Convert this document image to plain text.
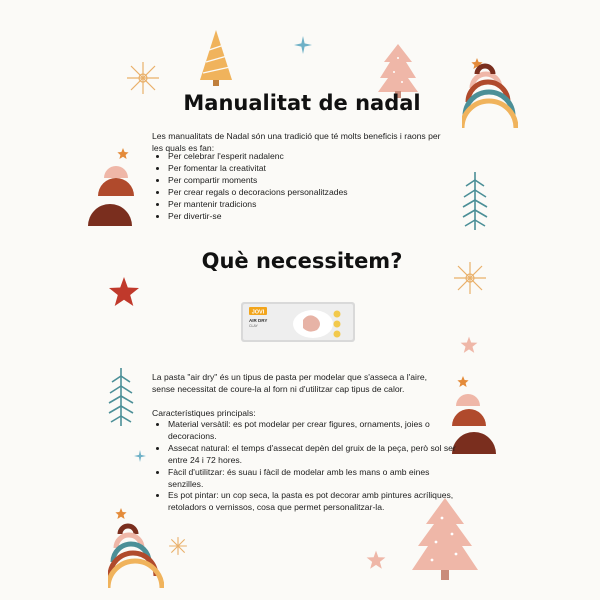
Manualitat de nadal

Les manualitats de Nadal són una tradició que té molts beneficis i raons per les quals es fan:

• Per celebrar l'esperit nadalenc
• Per fomentar la creativitat
• Per compartir moments
• Per crear regals o decoracions personalitzades
• Per mantenir tradicions
• Per divertir-se
Què necessitem?
JOVI
AIR DRY
CLAY

La pasta "air dry" és un tipus de pasta per modelar que s'asseca a l'aire, sense necessitat de coure-la al forn ni d'utilitzar cap tipus de calor.

Característiques principals:

• Material versàtil: es pot modelar per crear figures, ornaments, joies o decoracions.
• Assecat natural: el temps d'assecat depèn del gruix de la peça, però sol ser entre 24 i 72 hores.
• Fàcil d'utilitzar: és suau i fàcil de modelar amb les mans o amb eines senzilles.
• Es pot pintar: un cop seca, la pasta es pot decorar amb pintures acríliques, retoladors o vernissos, cosa que permet personalitzar-la.
